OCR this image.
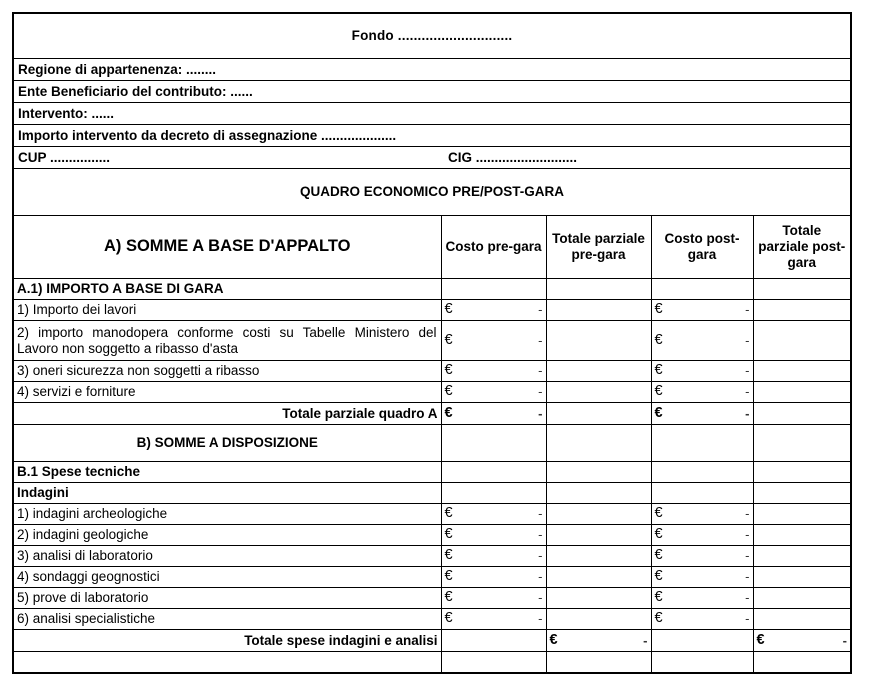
Fondo .............................				
Regione di appartenenza: ........				
Ente Beneficiario del contributo: ......				
Intervento: ......				
Importo intervento da decreto di assegnazione ....................				

CUP ................ CIG ...........................				

QUADRO ECONOMICO PRE/POST-GARA				
A) SOMME A BASE D'APPALTO	Costo pre-gara	Totale parziale pre-gara	Costo post-gara	Totale parziale post-gara
A.1) IMPORTO A BASE DI GARA				
1) Importo dei lavori	€ -		€ -	

2) importo manodopera conforme costi su Tabelle Ministero del Lavoro non soggetto a ribasso d'asta	€ -		€ -	

3) oneri sicurezza non soggetti a ribasso	€ -		€ -	

4) servizi e forniture	€ -		€ -	

Totale parziale quadro A	€ -		€ -	

B) SOMME A DISPOSIZIONE				
B.1 Spese tecniche				
Indagini				
1) indagini archeologiche	€ -		€ -	

2) indagini geologiche	€ -		€ -	

3) analisi di laboratorio	€ -		€ -	

4) sondaggi geognostici	€ -		€ -	

5) prove di laboratorio	€ -		€ -	

6) analisi specialistiche	€ -		€ -	

Totale spese indagini e analisi		€ -		€ -
